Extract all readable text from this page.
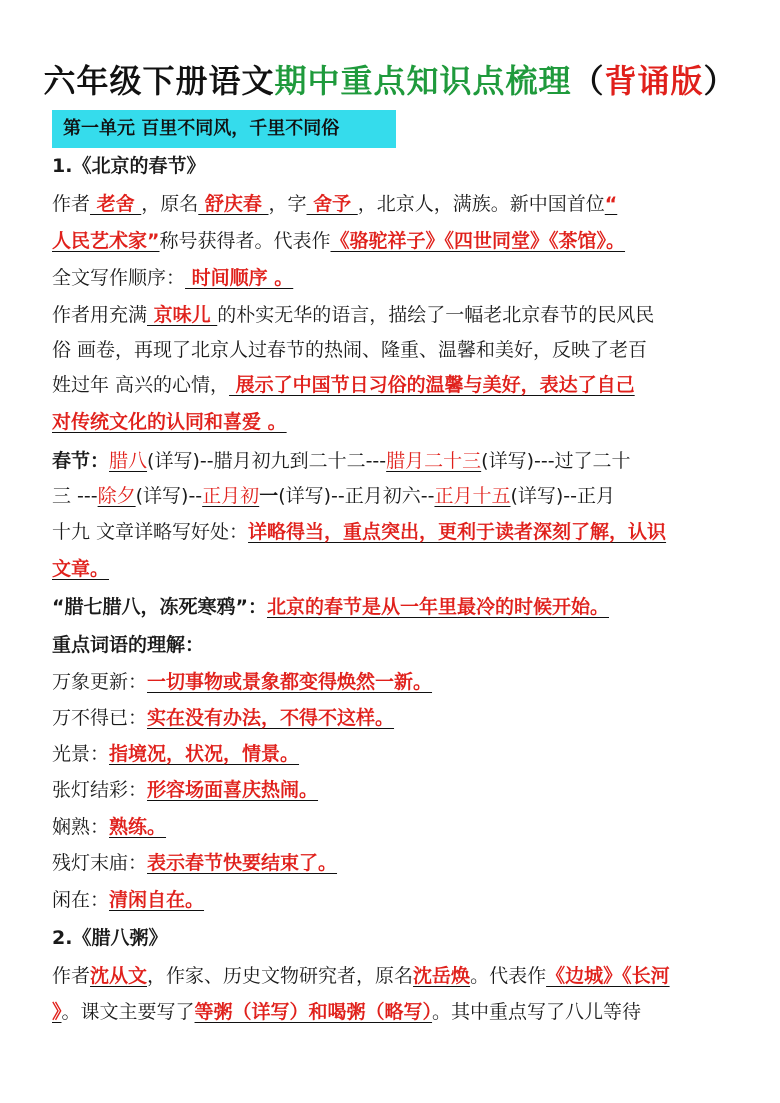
六年级下册语文期中重点知识点梳理（背诵版）
第一单元 百里不同风，千里不同俗
1.《北京的春节》
作者 老舍 ，原名 舒庆春 ，字 舍予 ，北京人，满族。新中国首位“
人民艺术家”称号获得者。代表作《骆驼祥子》《四世同堂》《茶馆》。
全文写作顺序： 时间顺序 。
作者用充满 京味儿 的朴实无华的语言，描绘了一幅老北京春节的民风民
俗 画卷，再现了北京人过春节的热闹、隆重、温馨和美好，反映了老百
姓过年 高兴的心情， 展示了中国节日习俗的温馨与美好，表达了自己
对传统文化的认同和喜爱 。
春节：腊八(详写)--腊月初九到二十二---腊月二十三(详写)---过了二十
三 ---除夕(详写)--正月初一(详写)--正月初六--正月十五(详写)--正月
十九 文章详略写好处：详略得当，重点突出，更利于读者深刻了解，认识
文章。
“腊七腊八，冻死寒鸦”：北京的春节是从一年里最冷的时候开始。
重点词语的理解：
万象更新：一切事物或景象都变得焕然一新。
万不得已：实在没有办法，不得不这样。
光景：指境况，状况，情景。
张灯结彩：形容场面喜庆热闹。
娴熟：熟练。
残灯末庙：表示春节快要结束了。
闲在：清闲自在。
2.《腊八粥》
作者沈从文，作家、历史文物研究者，原名沈岳焕。代表作《边城》《长河
》。课文主要写了等粥（详写）和喝粥（略写）。其中重点写了八儿等待
